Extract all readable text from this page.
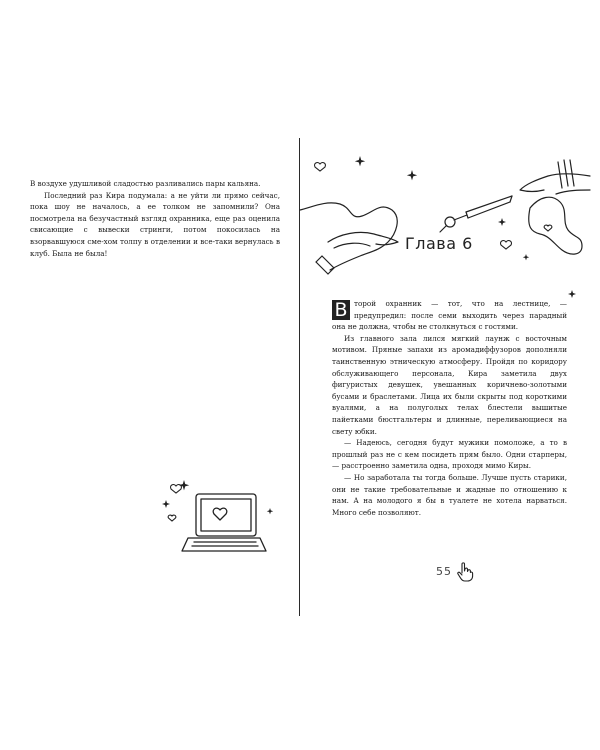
В воздухе удушливой сладостью разливались пары кальяна.

Последний раз Кира подумала: а не уйти ли прямо сейчас, пока шоу не началось, а ее толком не запомнили? Она посмотрела на безучастный взгляд охранника, еще раз оценила свисающие с вывески стринги, потом покосилась на взорвавшуюся сме-хом толпу в отделении и все-таки вернулась в клуб. Была не была!

Глава 6

В торой охранник — тот, что на лестнице, — предупредил: после семи выходить через парадный она не должна, чтобы не столкнуться с гостями.

Из главного зала лился мягкий лаунж с восточным мотивом. Пряные запахи из аромадиффузоров дополняли таинственную этническую атмосферу. Пройдя по коридору обслуживающего персонала, Кира заметила двух фигуристых девушек, увешанных коричнево-золотыми бусами и браслетами. Лица их были скрыты под короткими вуалями, а на полуголых телах блестели вышитые пайетками бюстгальтеры и длинные, переливающиеся на свету юбки.

— Надеюсь, сегодня будут мужики помоложе, а то в прошлый раз не с кем посидеть прям было. Одни старперы, — расстроенно заметила одна, проходя мимо Киры.

— Но заработала ты тогда больше. Лучше пусть старики, они не такие требовательные и жадные по отношению к нам. А на молодого я бы в туалете не хотела нарваться. Много себе позволяют.

55
